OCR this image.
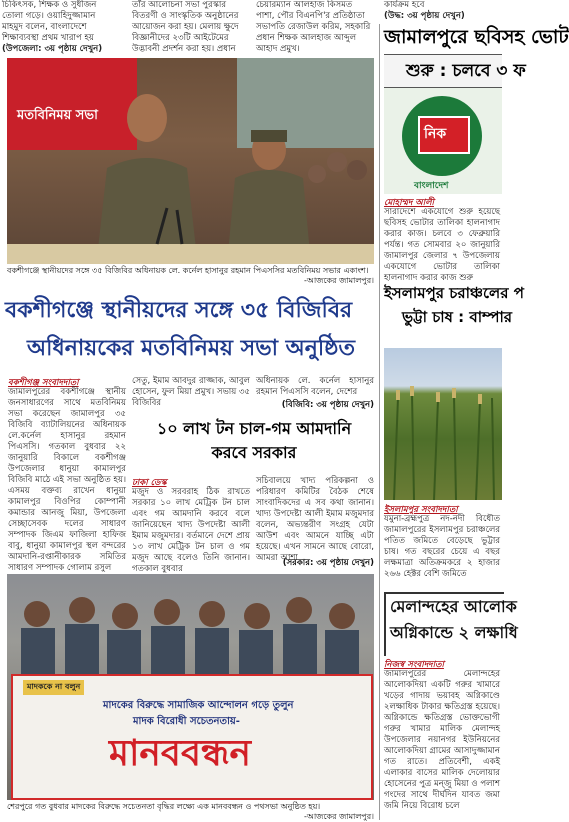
চিকিৎসক, শিক্ষক ও সুধীজন
তোলা গড়ে। ওয়াহিদুজ্জামান
মাহমুদ বলেন, বাংলাদেশে
শিক্ষাব্যবস্থা প্রথম খারাপ হয়
(উপজেলা: ৩য় পৃষ্ঠায় দেখুন)
তাঁর আলোচনা সভা পুরস্কার
বিতরণী ও সাংস্কৃতিক অনুষ্ঠানের
আয়োজন করা হয়। মেলায় ক্ষুদে
বিজ্ঞানীদের ২৩টি আইটেমের
উদ্ভাবনী প্রদর্শন করা হয়। প্রধান
চেয়ারম্যান আলহাজ কিসমত
পাশা, পৌর বিএনপি'র প্রতিষ্ঠাতা
সভাপতি রেজাউল করিম, সহকারি
প্রধান শিক্ষক আলহাজ আব্দুল
আহাদ প্রমুখ।
কার্যক্রম হবে
(উদ্ধ: ৩য় পৃষ্ঠায় দেখুন)
জামালপুরে ছবিসহ ভোট
শুরু : চলবে ৩ ফ
নিক
বাংলাদেশ
মোহাম্মদ আলী
সারাদেশে একযোগে শুরু হয়েছে ছবিসহ ভোটার তালিকা হালনাগাদ করার কাজ। চলবে ৩ ফেব্রুয়ারি পর্যন্ত। গত সোমবার ২০ জানুয়ারি জামালপুর জেলার ৭ উপজেলায় একযোগে ভোটার তালিকা হালনাগাদ করার কাজ শুরু
ইসলামপুর চরাঞ্চলের প
ভুট্টা চাষ : বাম্পার
ইসলামপুর সংবাদদাতা
যমুনা-ব্রহ্মপুত্র নদ-নদী বিধৌত জামালপুরের ইসলামপুর চরাঞ্চলের পতিত জমিতে বেড়েছে ভুট্টার চাষ। গত বছরের চেয়ে এ বছর লক্ষমাত্রা অতিক্রমকরে ২ হাজার ২৬৬ হেক্টর বেশি জমিতে
মেলান্দহের আলোক
অগ্নিকান্ডে ২ লক্ষাধি
নিজস্ব সংবাদদাতা
জামালপুরের মেলান্দহের আলোকদিয়া একটি গরুর খামারে খড়ের গাদায় ভয়াবহ অগ্নিকাণ্ডে ২লক্ষাধিক টাকার ক্ষতিগ্রস্ত হয়েছে। অগ্নিকান্ডে ক্ষতিগ্রস্ত ভোক্তভোগী গরুর খামার মালিক মেলান্দহ উপজেলার নয়ানগর ইউনিয়নের আলোকদিয়া গ্রামের আসাদুজ্জামান গত রাতে। প্রতিবেশী, একই এলাকার বাসের মালিক দেলোয়ার হোসেনের পুত্র মন্জু মিয়া ও পলাশ গংদের সাথে দীর্ঘদিন যাবত জমা জমি নিয়ে বিরোধ চলে
মতবিনিময় সভা
বকশীগঞ্জে স্থানীয়দের সঙ্গে ৩৫ বিজিবির অধিনায়ক লে. কর্নেল হাসানুর রহমান পিএসসির মতবিনিময় সভার একাংশ।
-আজকের জামালপুর।
বকশীগঞ্জে স্থানীয়দের সঙ্গে ৩৫ বিজিবির
অধিনায়কের মতবিনিময় সভা অনুষ্ঠিত
বকশীগঞ্জ সংবাদদাতা
জামালপুরের বকশীগঞ্জে স্থানীয় জনসাধারণের সাথে মতবিনিময় সভা করেছেন জামালপুর ৩৫ বিজিবি ব্যাটালিয়নের অধিনায়ক লে.কর্নেল হাসানুর রহমান পিএসসি। গতকাল বুধবার ২২ জানুয়ারি বিকালে বকশীগঞ্জ উপজেলার ধানুয়া কামালপুর বিজিবি মাঠে এই সভা অনুষ্ঠিত হয়। এসময় বক্তব্য রাখেন ধানুয়া কামালপুর বিওপির কোম্পানী কমান্ডার আনজু মিয়া, উপজেলা সেচ্ছাসেবক দলের সাধারণ সম্পাদক জিএম ফাজিলা হাফিজ বাবু, ধানুয়া কামালপুর স্থল বন্দরের আমদানি-রপ্তানীকারক সমিতির সাধারণ সম্পাদক গোলাম রসুল
সেতু, ইমাম আবদুর রাজ্জাক, আবুল হোসেন, ফুল মিয়া প্রমুখ। সভায় ৩৫ বিজিবির
অধিনায়ক লে. কর্নেল হাসানুর রহমান পিএসসি বলেন, দেশের
(বিজিবি: ৩য় পৃষ্ঠায় দেখুন)
১০ লাখ টন চাল-গম আমদানি
করবে সরকার
ঢাকা ডেস্ক
মজুদ ও সরবরাহ ঠিক রাখতে সরকার ১০ লাখ মেট্রিক টন চাল এবং গম আমদানি করবে বলে জানিয়েছেন খাদ্য উপদেষ্টা আলী ইমাম মজুমদার। বর্তমানে দেশে প্রায় ১৩ লাখ মেট্রিক টন চাল ও গম মজুদ আছে বলেও তিনি জানান। গতকাল বুধবার
সচিবালয়ে খাদ্য পরিকল্পনা ও পরিধারণ কমিটির বৈঠক শেষে সাংবাদিকদের এ সব কথা জানান। খাদ্য উপদেষ্টা আলী ইমাম মজুমদার বলেন, অভ্যন্তরীণ সংগ্রহ যেটা আউশ এবং আমনে যাচ্ছি এটা হয়েছে। এখন সামনে আছে বোরো, আমরা আশা
(সরকার: ৩য় পৃষ্ঠায় দেখুন)
মাদককে না বলুন
মাদকের বিরুদ্ধে সামাজিক আন্দোলন গড়ে তুলুন
মাদক বিরোধী সচেতনতায়-
মানববন্ধন
শেরপুরে গত বুধবার মাদকের বিরুদ্ধে সচেতনতা বৃদ্ধির লক্ষ্যে এক মানববন্ধন ও পথসভা অনুষ্ঠিত হয়।
-আজকের জামালপুর।
